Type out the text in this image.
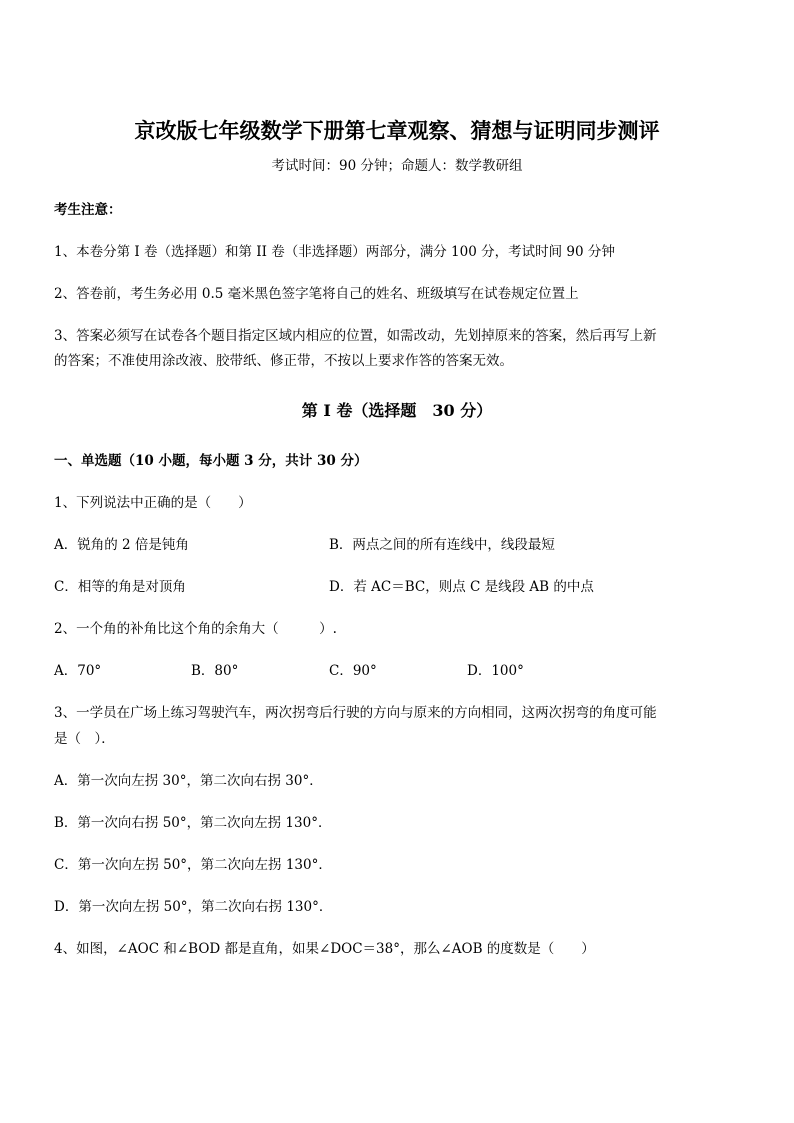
京改版七年级数学下册第七章观察、猜想与证明同步测评
考试时间：90 分钟；命题人：数学教研组
考生注意：
1、本卷分第 I 卷（选择题）和第 II 卷（非选择题）两部分，满分 100 分，考试时间 90 分钟
2、答卷前，考生务必用 0.5 毫米黑色签字笔将自己的姓名、班级填写在试卷规定位置上
3、答案必须写在试卷各个题目指定区域内相应的位置，如需改动，先划掉原来的答案，然后再写上新
的答案；不准使用涂改液、胶带纸、修正带，不按以上要求作答的答案无效。
第 I 卷（选择题　30 分）
一、单选题（10 小题，每小题 3 分，共计 30 分）
1、下列说法中正确的是（　　）
A．锐角的 2 倍是钝角	B．两点之间的所有连线中，线段最短
C．相等的角是对顶角	D．若 AC＝BC，则点 C 是线段 AB 的中点
2、一个角的补角比这个角的余角大（　　　）.
A．70°	B．80°	C．90°	D．100°
3、一学员在广场上练习驾驶汽车，两次拐弯后行驶的方向与原来的方向相同，这两次拐弯的角度可能
是（　）．
A．第一次向左拐 30°，第二次向右拐 30°．
B．第一次向右拐 50°，第二次向左拐 130°．
C．第一次向左拐 50°，第二次向左拐 130°．
D．第一次向左拐 50°，第二次向右拐 130°．
4、如图，∠AOC 和∠BOD 都是直角，如果∠DOC＝38°，那么∠AOB 的度数是（　　）
